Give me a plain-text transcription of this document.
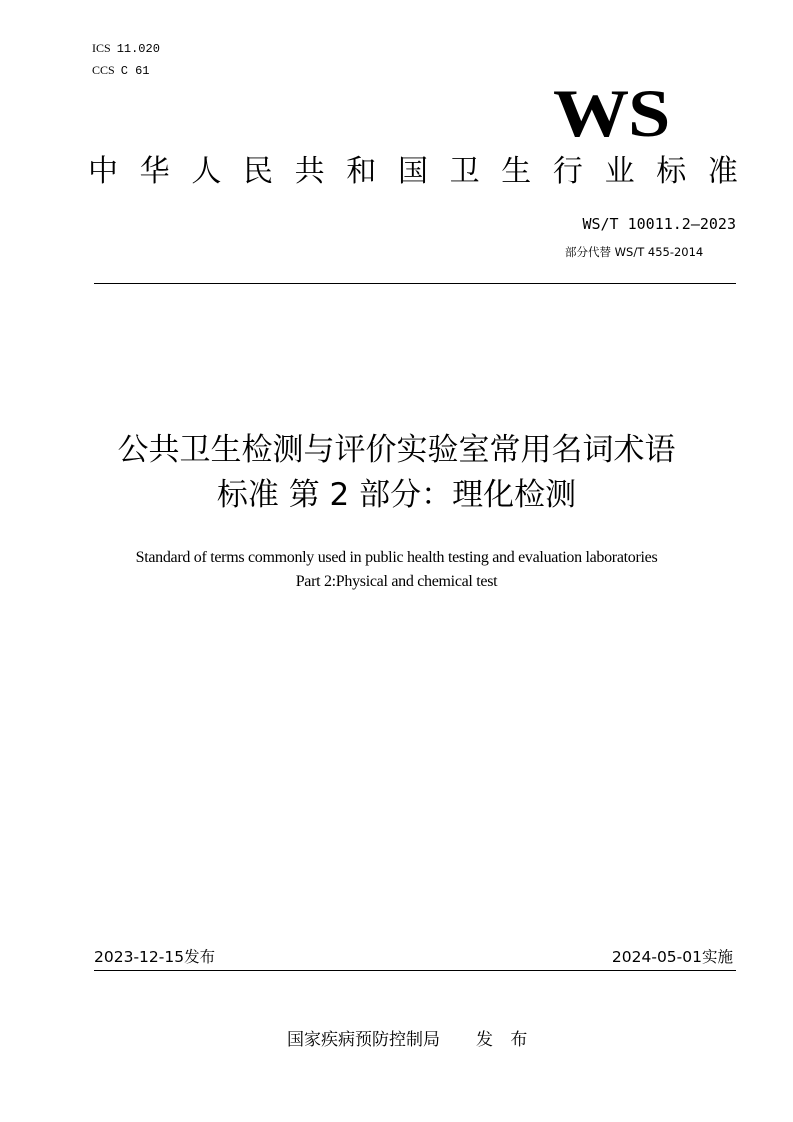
ICS 11.020
CCS C 61
WS
中 华 人 民 共 和 国 卫 生 行 业 标 准
WS/T 10011.2—2023
部分代替 WS/T 455-2014
公共卫生检测与评价实验室常用名词术语
标准 第 2 部分：理化检测
Standard of terms commonly used in public health testing and evaluation laboratories
Part 2:Physical and chemical test
2023-12-15发布	2024-05-01实施
国家疾病预防控制局 发 布
